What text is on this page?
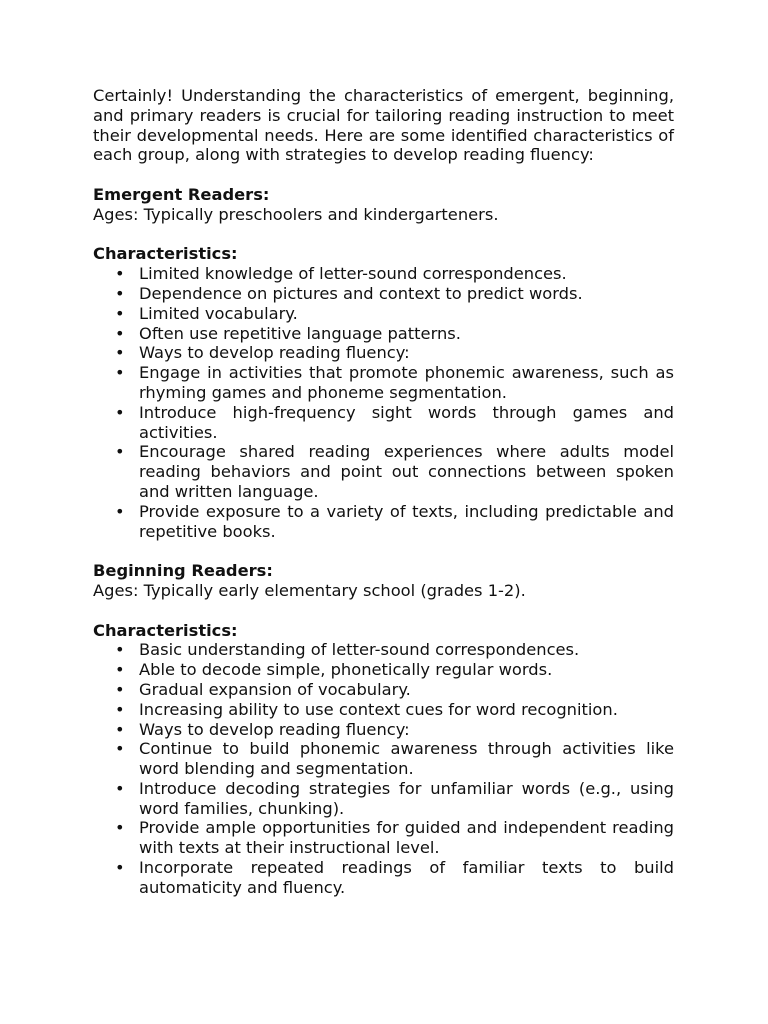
Certainly! Understanding the characteristics of emergent, beginning, and primary readers is crucial for tailoring reading instruction to meet their developmental needs. Here are some identified characteristics of each group, along with strategies to develop reading fluency:

Emergent Readers:

Ages: Typically preschoolers and kindergarteners.

Characteristics:

• Limited knowledge of letter-sound correspondences.
• Dependence on pictures and context to predict words.
• Limited vocabulary.
• Often use repetitive language patterns.
• Ways to develop reading fluency:
• Engage in activities that promote phonemic awareness, such as rhyming games and phoneme segmentation.
• Introduce high-frequency sight words through games and activities.
• Encourage shared reading experiences where adults model reading behaviors and point out connections between spoken and written language.
• Provide exposure to a variety of texts, including predictable and repetitive books.

Beginning Readers:

Ages: Typically early elementary school (grades 1-2).

Characteristics:

• Basic understanding of letter-sound correspondences.
• Able to decode simple, phonetically regular words.
• Gradual expansion of vocabulary.
• Increasing ability to use context cues for word recognition.
• Ways to develop reading fluency:
• Continue to build phonemic awareness through activities like word blending and segmentation.
• Introduce decoding strategies for unfamiliar words (e.g., using word families, chunking).
• Provide ample opportunities for guided and independent reading with texts at their instructional level.
• Incorporate repeated readings of familiar texts to build automaticity and fluency.
